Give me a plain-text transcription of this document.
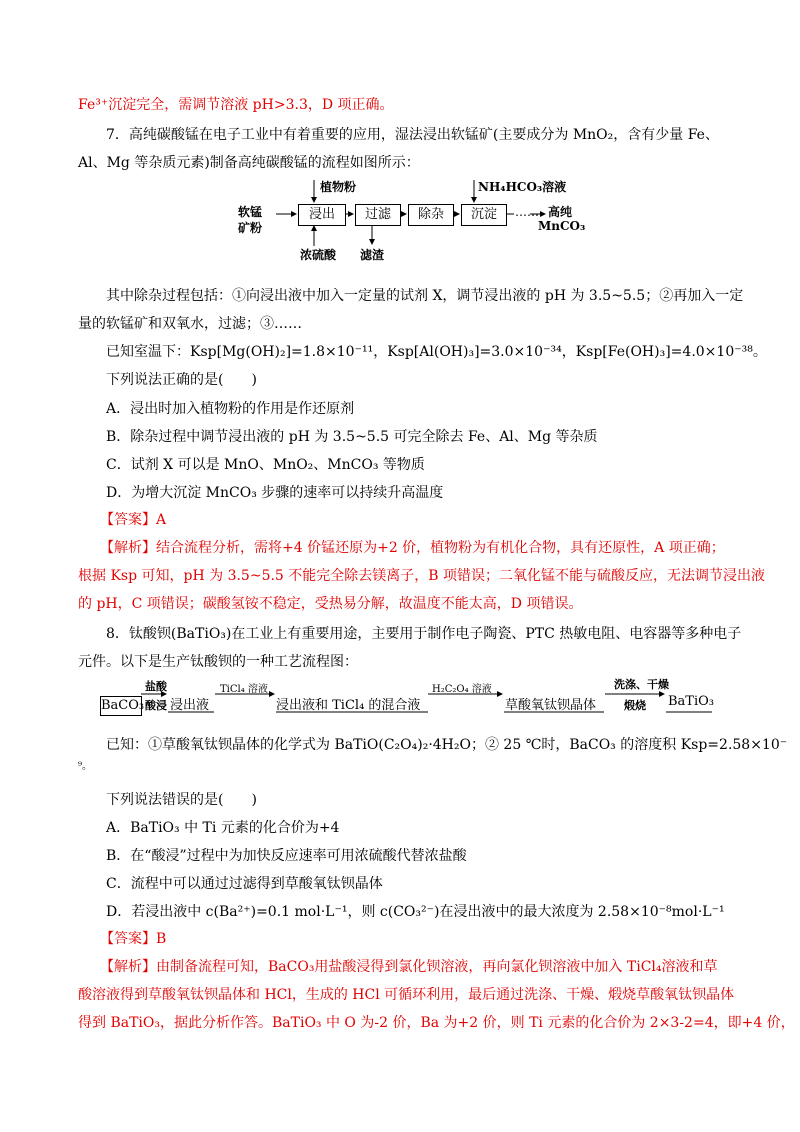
Fe³⁺沉淀完全，需调节溶液 pH>3.3，D 项正确。
7．高纯碳酸锰在电子工业中有着重要的应用，湿法浸出软锰矿(主要成分为 MnO₂，含有少量 Fe、
Al、Mg 等杂质元素)制备高纯碳酸锰的流程如图所示：
软锰
矿粉
浸出	过滤	除杂	沉淀
植物粉	NH₄HCO₃溶液
浓硫酸 滤渣
…… 高纯
MnCO₃
其中除杂过程包括：①向浸出液中加入一定量的试剂 X，调节浸出液的 pH 为 3.5~5.5；②再加入一定
量的软锰矿和双氧水，过滤；③……
已知室温下：Ksp[Mg(OH)₂]=1.8×10⁻¹¹，Ksp[Al(OH)₃]=3.0×10⁻³⁴，Ksp[Fe(OH)₃]=4.0×10⁻³⁸。
下列说法正确的是(　　)
A．浸出时加入植物粉的作用是作还原剂
B．除杂过程中调节浸出液的 pH 为 3.5~5.5 可完全除去 Fe、Al、Mg 等杂质
C．试剂 X 可以是 MnO、MnO₂、MnCO₃ 等物质
D．为增大沉淀 MnCO₃ 步骤的速率可以持续升高温度
【答案】A
【解析】结合流程分析，需将+4 价锰还原为+2 价，植物粉为有机化合物，具有还原性，A 项正确；
根据 Ksp 可知，pH 为 3.5~5.5 不能完全除去镁离子，B 项错误；二氧化锰不能与硫酸反应，无法调节浸出液
的 pH，C 项错误；碳酸氢铵不稳定，受热易分解，故温度不能太高，D 项错误。
8．钛酸钡(BaTiO₃)在工业上有重要用途，主要用于制作电子陶瓷、PTC 热敏电阻、电容器等多种电子
元件。以下是生产钛酸钡的一种工艺流程图：
BaCO₃
盐酸
酸浸 浸出液
TiCl₄ 溶液
浸出液和 TiCl₄ 的混合液
H₂C₂O₄ 溶液
草酸氧钛钡晶体
洗涤、干燥
煅烧 BaTiO₃
已知：①草酸氧钛钡晶体的化学式为 BaTiO(C₂O₄)₂·4H₂O；② 25 ℃时，BaCO₃ 的溶度积 Ksp=2.58×10⁻
⁹。
下列说法错误的是(　　)
A．BaTiO₃ 中 Ti 元素的化合价为+4
B．在“酸浸”过程中为加快反应速率可用浓硫酸代替浓盐酸
C．流程中可以通过过滤得到草酸氧钛钡晶体
D．若浸出液中 c(Ba²⁺)=0.1 mol·L⁻¹，则 c(CO₃²⁻)在浸出液中的最大浓度为 2.58×10⁻⁸mol·L⁻¹
【答案】B
【解析】由制备流程可知，BaCO₃用盐酸浸得到氯化钡溶液，再向氯化钡溶液中加入 TiCl₄溶液和草
酸溶液得到草酸氧钛钡晶体和 HCl，生成的 HCl 可循环利用，最后通过洗涤、干燥、煅烧草酸氧钛钡晶体
得到 BaTiO₃，据此分析作答。BaTiO₃ 中 O 为-2 价，Ba 为+2 价，则 Ti 元素的化合价为 2×3-2=4，即+4 价，
